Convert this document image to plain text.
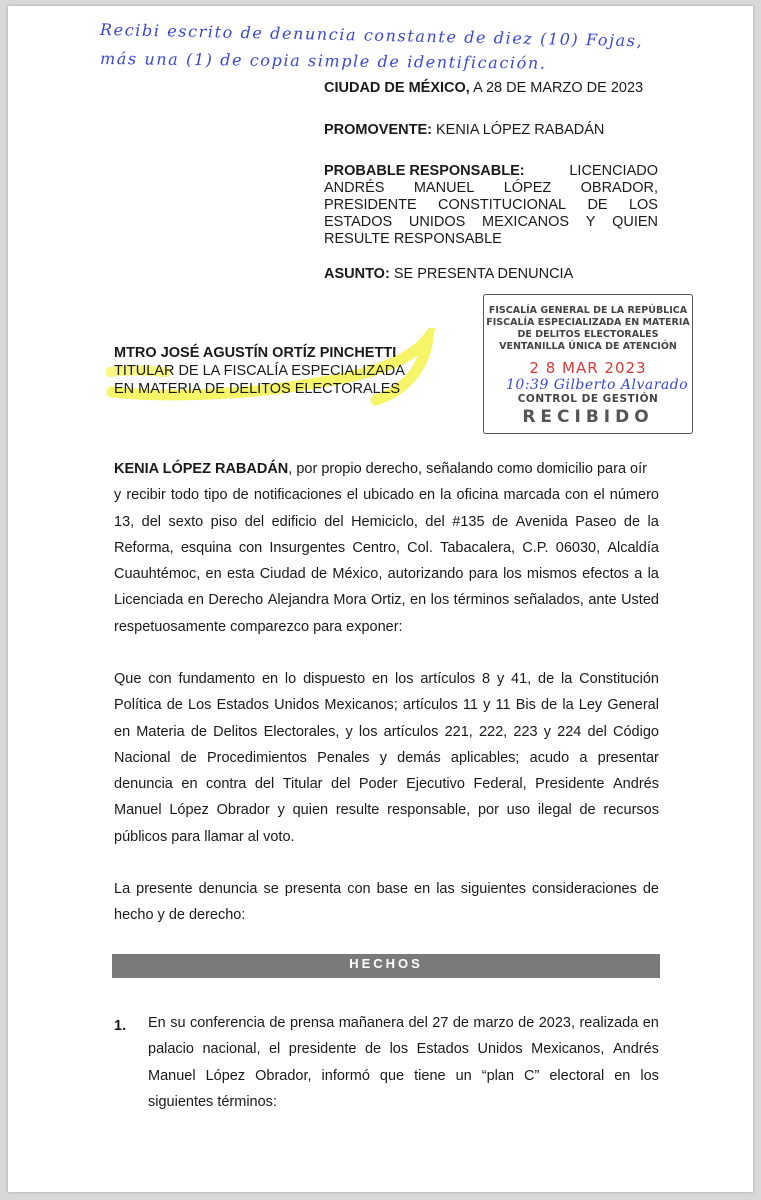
Recibi escrito de denuncia constante de diez (10) Fojas,
más una (1) de copia simple de identificación.
CIUDAD DE MÉXICO, A 28 DE MARZO DE 2023
PROMOVENTE: KENIA LÓPEZ RABADÁN
PROBABLE RESPONSABLE:	LICENCIADO
ANDRÉS MANUEL LÓPEZ OBRADOR,
PRESIDENTE CONSTITUCIONAL DE LOS
ESTADOS UNIDOS MEXICANOS Y QUIEN
RESULTE RESPONSABLE
ASUNTO: SE PRESENTA DENUNCIA
FISCALÍA GENERAL DE LA REPÚBLICA
FISCALÍA ESPECIALIZADA EN MATERIA
DE DELITOS ELECTORALES
VENTANILLA ÚNICA DE ATENCIÓN
2 8 MAR 2023
10:39 Gilberto Alvarado
CONTROL DE GESTIÓN
RECIBIDO
MTRO JOSÉ AGUSTÍN ORTÍZ PINCHETTI
TITULAR DE LA FISCALÍA ESPECIALIZADA
EN MATERIA DE DELITOS ELECTORALES
KENIA LÓPEZ RABADÁN , por propio derecho, señalando como domicilio para oír
y recibir todo tipo de notificaciones el ubicado en la oficina marcada con el número
13, del sexto piso del edificio del Hemiciclo, del #135 de Avenida Paseo de la
Reforma, esquina con Insurgentes Centro, Col. Tabacalera, C.P. 06030, Alcaldía
Cuauhtémoc, en esta Ciudad de México, autorizando para los mismos efectos a la
Licenciada en Derecho Alejandra Mora Ortiz, en los términos señalados, ante Usted
respetuosamente comparezco para exponer:
Que con fundamento en lo dispuesto en los artículos 8 y 41, de la Constitución
Política de Los Estados Unidos Mexicanos; artículos 11 y 11 Bis de la Ley General
en Materia de Delitos Electorales, y los artículos 221, 222, 223 y 224 del Código
Nacional de Procedimientos Penales y demás aplicables; acudo a presentar
denuncia en contra del Titular del Poder Ejecutivo Federal, Presidente Andrés
Manuel López Obrador y quien resulte responsable, por uso ilegal de recursos
públicos para llamar al voto.
La presente denuncia se presenta con base en las siguientes consideraciones de
hecho y de derecho:
HECHOS
1. En su conferencia de prensa mañanera del 27 de marzo de 2023, realizada en
palacio nacional, el presidente de los Estados Unidos Mexicanos, Andrés
Manuel López Obrador, informó que tiene un “plan C” electoral en los
siguientes términos:
